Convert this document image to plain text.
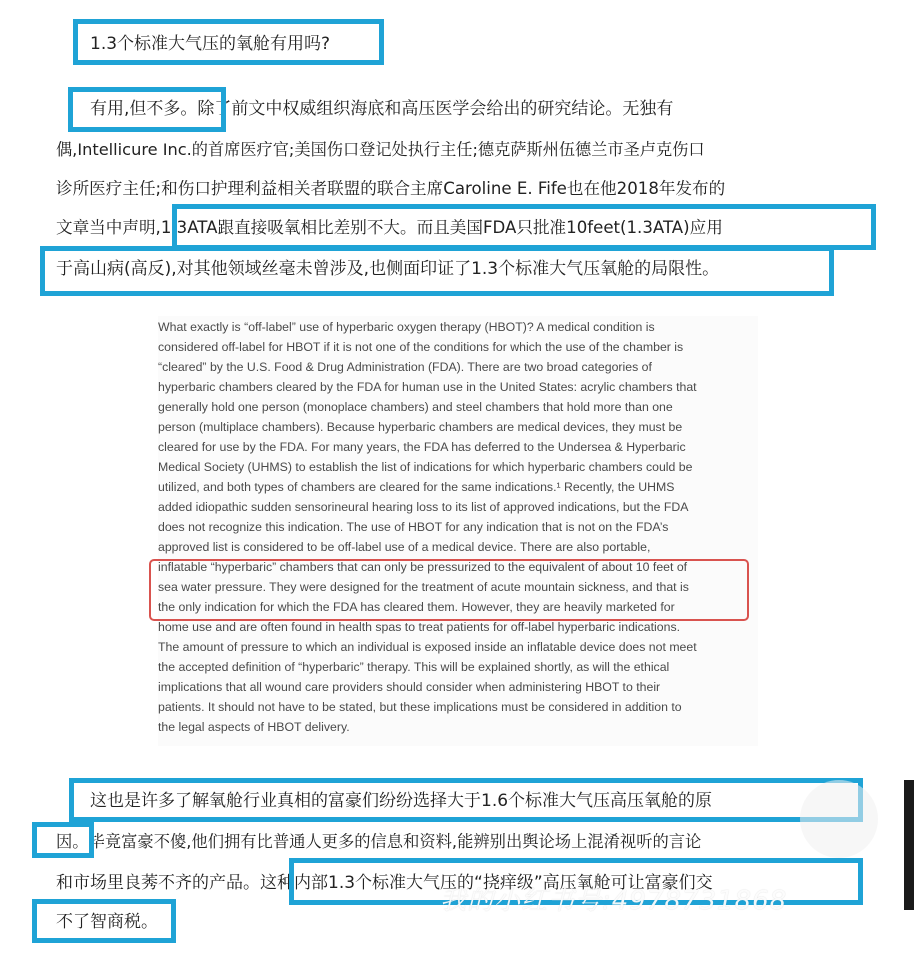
1.3个标准大气压的氧舱有用吗?
有用,但不多。除了前文中权威组织海底和高压医学会给出的研究结论。无独有
偶,Intellicure Inc.的首席医疗官;美国伤口登记处执行主任;德克萨斯州伍德兰市圣卢克伤口
诊所医疗主任;和伤口护理利益相关者联盟的联合主席Caroline E. Fife也在他2018年发布的
文章当中声明,1.3ATA跟直接吸氧相比差别不大。而且美国FDA只批准10feet(1.3ATA)应用
于高山病(高反),对其他领域丝毫未曾涉及,也侧面印证了1.3个标准大气压氧舱的局限性。
What exactly is “off-label” use of hyperbaric oxygen therapy (HBOT)? A medical condition is
considered off-label for HBOT if it is not one of the conditions for which the use of the chamber is
“cleared” by the U.S. Food & Drug Administration (FDA). There are two broad categories of
hyperbaric chambers cleared by the FDA for human use in the United States: acrylic chambers that
generally hold one person (monoplace chambers) and steel chambers that hold more than one
person (multiplace chambers). Because hyperbaric chambers are medical devices, they must be
cleared for use by the FDA. For many years, the FDA has deferred to the Undersea & Hyperbaric
Medical Society (UHMS) to establish the list of indications for which hyperbaric chambers could be
utilized, and both types of chambers are cleared for the same indications.¹ Recently, the UHMS
added idiopathic sudden sensorineural hearing loss to its list of approved indications, but the FDA
does not recognize this indication. The use of HBOT for any indication that is not on the FDA’s
approved list is considered to be off-label use of a medical device. There are also portable,
inflatable “hyperbaric” chambers that can only be pressurized to the equivalent of about 10 feet of
sea water pressure. They were designed for the treatment of acute mountain sickness, and that is
the only indication for which the FDA has cleared them. However, they are heavily marketed for
home use and are often found in health spas to treat patients for off-label hyperbaric indications.
The amount of pressure to which an individual is exposed inside an inflatable device does not meet
the accepted definition of “hyperbaric” therapy. This will be explained shortly, as will the ethical
implications that all wound care providers should consider when administering HBOT to their
patients. It should not have to be stated, but these implications must be considered in addition to
the legal aspects of HBOT delivery.
这也是许多了解氧舱行业真相的富豪们纷纷选择大于1.6个标准大气压高压氧舱的原
因。毕竟富豪不傻,他们拥有比普通人更多的信息和资料,能辨别出舆论场上混淆视听的言论
和市场里良莠不齐的产品。这种内部1.3个标准大气压的“挠痒级”高压氧舱可让富豪们交
不了智商税。
我的小红书号:4978731868
